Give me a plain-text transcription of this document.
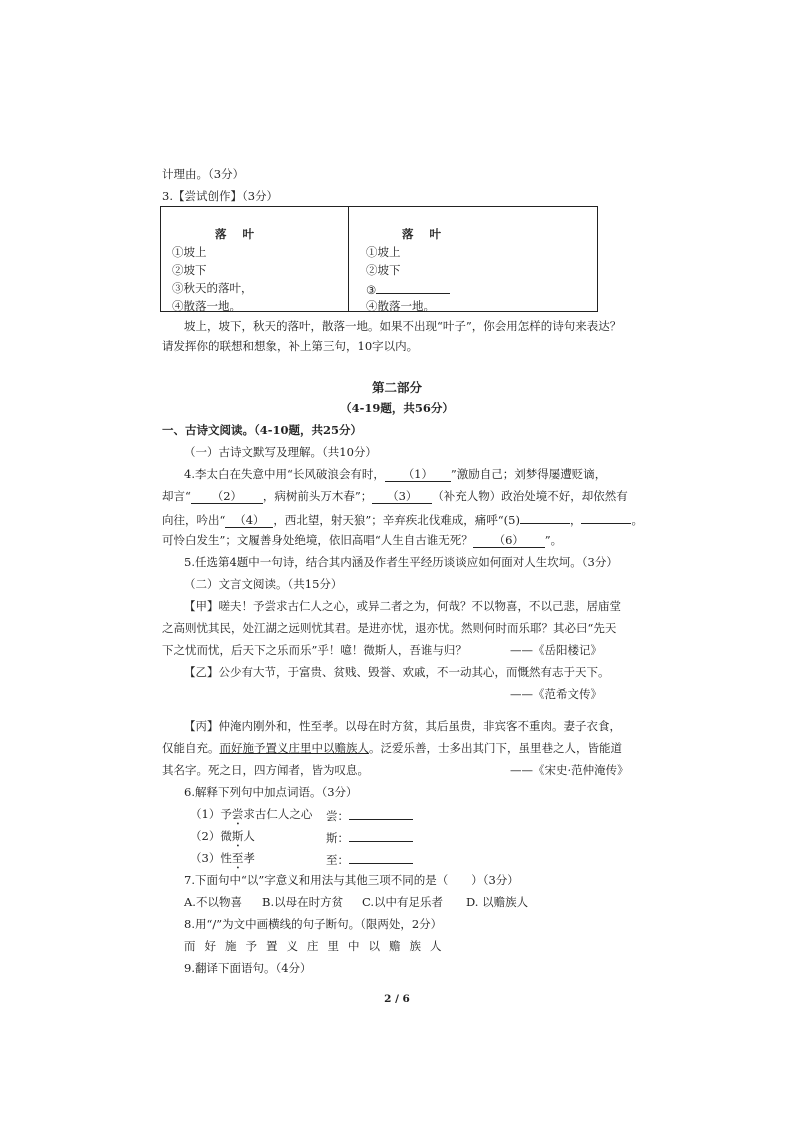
计理由。（3分）
3.【尝试创作】（3分）
落 叶
①坡上
②坡下
③秋天的落叶，
④散落一地。
落 叶
①坡上
②坡下
③
④散落一地。
坡上，坡下，秋天的落叶，散落一地。如果不出现“叶子”，你会用怎样的诗句来表达？
请发挥你的联想和想象，补上第三句，10字以内。
第二部分
（4-19题，共56分）
一、古诗文阅读。（4-10题，共25分）
（一）古诗文默写及理解。（共10分）
4.李太白在失意中用“长风破浪会有时， （1） ”激励自己；刘梦得屡遭贬谪，
却言“ （2） ，病树前头万木春”； （3） （补充人物）政治处境不好，却依然有
向往，吟出“ （4） ，西北望，射天狼”；辛弃疾北伐难成，痛呼“(5)	，	。
可怜白发生”；文履善身处绝境，依旧高唱“人生自古谁无死？ （6） ”。
5.任选第4题中一句诗，结合其内涵及作者生平经历谈谈应如何面对人生坎坷。（3分）
（二）文言文阅读。（共15分）
【甲】嗟夫！予尝求古仁人之心，或异二者之为，何哉？不以物喜，不以己悲，居庙堂
之高则忧其民，处江湖之远则忧其君。是进亦忧，退亦忧。然则何时而乐耶？其必曰“先天
下之忧而忧，后天下之乐而乐”乎！噫！微斯人，吾谁与归？	——《岳阳楼记》
【乙】公少有大节，于富贵、贫贱、毁誉、欢戚，不一动其心，而慨然有志于天下。
——《范希文传》
【丙】仲淹内刚外和，性至孝。以母在时方贫，其后虽贵，非宾客不重肉。妻子衣食，
仅能自充。而好施予置义庄里中以赡族人。泛爱乐善，士多出其门下，虽里巷之人，皆能道
其名字。死之日，四方闻者，皆为叹息。	——《宋史·范仲淹传》
6.解释下列句中加点词语。（3分）
（1）予尝求古仁人之心 尝：
（2）微斯人	斯：
（3）性至孝	至：
7.下面句中“以”字意义和用法与其他三项不同的是（　　）（3分）
A.不以物喜 B.以母在时方贫 C.以中有足乐者 D. 以赡族人
8.用“/”为文中画横线的句子断句。（限两处，2分）
而 好 施 予 置 义 庄 里 中 以 赡 族 人
9.翻译下面语句。（4分）
2 / 6
